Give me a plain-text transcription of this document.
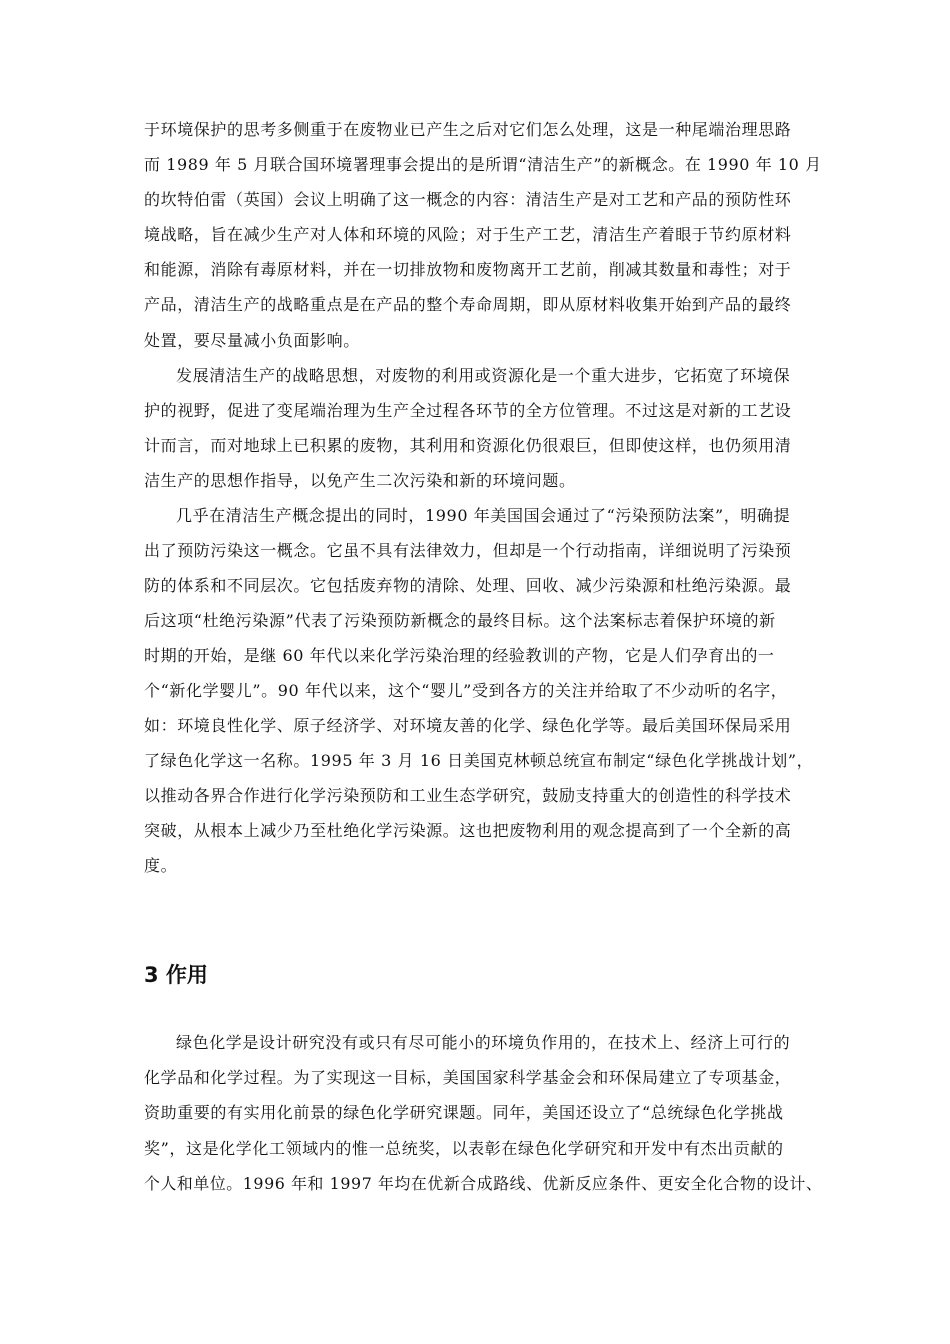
于环境保护的思考多侧重于在废物业已产生之后对它们怎么处理，这是一种尾端治理思路
而 1989 年 5 月联合国环境署理事会提出的是所谓“清洁生产”的新概念。在 1990 年 10 月
的坎特伯雷（英国）会议上明确了这一概念的内容：清洁生产是对工艺和产品的预防性环
境战略，旨在减少生产对人体和环境的风险；对于生产工艺，清洁生产着眼于节约原材料
和能源，消除有毒原材料，并在一切排放物和废物离开工艺前，削减其数量和毒性；对于
产品，清洁生产的战略重点是在产品的整个寿命周期，即从原材料收集开始到产品的最终
处置，要尽量减小负面影响。
发展清洁生产的战略思想，对废物的利用或资源化是一个重大进步，它拓宽了环境保
护的视野，促进了变尾端治理为生产全过程各环节的全方位管理。不过这是对新的工艺设
计而言，而对地球上已积累的废物，其利用和资源化仍很艰巨，但即使这样，也仍须用清
洁生产的思想作指导，以免产生二次污染和新的环境问题。
几乎在清洁生产概念提出的同时，1990 年美国国会通过了“污染预防法案”，明确提
出了预防污染这一概念。它虽不具有法律效力，但却是一个行动指南，详细说明了污染预
防的体系和不同层次。它包括废弃物的清除、处理、回收、减少污染源和杜绝污染源。最
后这项“杜绝污染源”代表了污染预防新概念的最终目标。这个法案标志着保护环境的新
时期的开始，是继 60 年代以来化学污染治理的经验教训的产物，它是人们孕育出的一
个“新化学婴儿”。90 年代以来，这个“婴儿”受到各方的关注并给取了不少动听的名字，
如：环境良性化学、原子经济学、对环境友善的化学、绿色化学等。最后美国环保局采用
了绿色化学这一名称。1995 年 3 月 16 日美国克林顿总统宣布制定“绿色化学挑战计划”，
以推动各界合作进行化学污染预防和工业生态学研究，鼓励支持重大的创造性的科学技术
突破，从根本上减少乃至杜绝化学污染源。这也把废物利用的观念提高到了一个全新的高
度。
3 作用
绿色化学是设计研究没有或只有尽可能小的环境负作用的，在技术上、经济上可行的
化学品和化学过程。为了实现这一目标，美国国家科学基金会和环保局建立了专项基金，
资助重要的有实用化前景的绿色化学研究课题。同年，美国还设立了“总统绿色化学挑战
奖”，这是化学化工领域内的惟一总统奖，以表彰在绿色化学研究和开发中有杰出贡献的
个人和单位。1996 年和 1997 年均在优新合成路线、优新反应条件、更安全化合物的设计、
